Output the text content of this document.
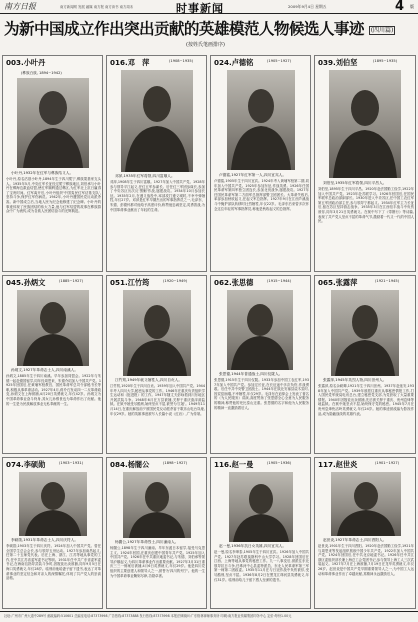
南方日报	南方新闻网 发展 融媒 南方报 南方读书 南方周末	时事新闻	2009年9月4日 星期五	4 版
为新中国成立作出突出贡献的英雄模范人物候选人事迹 (四川篇)
(按姓氏笔画排序)
003.小叶丹
(彝族白族, 1894~1942)
小叶丹,1932年在红军与彝族结义人。
小叶丹,原名沽基小叶丹,1894年生于四川冕宁,彝族果基家支头人。1935年5月,中央红军长征经过冕宁彝族地区,刘伯承与小叶丹在彝海边歃血结盟,使红军顺利通过彝区,为红军北上抗日赢得了宝贵时间。红军离开后,小叶丹组织'中国夷民红军沽基支队',坚持斗争,保护红军伤病员。1942年,小叶丹遭国民党反动派杀害。新中国成立后,当地人民为纪念他修建了纪念碑。小叶丹的事迹体现了民族团结的伟大力量,他与红军结盟的故事在彝族群众中广为流传,成为各族人民团结奋斗的光辉典范。
016.邓　萍	(1908~1935)
邓萍,1935年红军将领,四川富顺人。
邓萍,1908年生于四川富顺。1927年加入中国共产党。1928年参与领导平江起义,任红五军参谋长。后任红三军团参谋长,参加了中央苏区历次反'围剿'作战,屡建战功。1934年10月参加长征。1935年2月,在遵义战役中,率部攻打遵义城时,不幸中弹牺牲,年仅27岁。邓萍是红军早期杰出的军事指挥员之一,毛泽东、朱德、彭德怀都对他给予高度评价,称赞他忠诚坚定,英勇善战,为中国革命事业献出了年轻的生命。
024.卢德铭	(1905~1927)
卢德铭,1927年红军第一人,四川宜宾人。
卢德铭,1905年生于四川宜宾。1924年考入黄埔军校第二期,同年加入中国共产党。1925年参加东征,作战英勇。1926年任国民革命军第四军独立团连长,参加北伐战争,屡建战功。1927年任国民革命军第二方面军总指挥部警卫团团长。大革命失败后,率部参加秋收起义,任起义军总指挥。1927年9月在江西芦溪战斗中掩护部队转移时壮烈牺牲,年仅22岁。毛泽东后来曾多次怀念这位年轻的军事指挥员,称他是秋收起义的总指挥。
039.刘伯坚	(1895~1935)
刘伯坚,1935年红军将领,四川平昌人。
刘伯坚,1895年生于四川平昌。1920年赴法国勤工俭学,1922年加入中国共产党。1923年赴苏联学习。1926年回国后,任国民军联军总政治部副部长。1930年进入中央苏区,任中国工农红军第五军团政治部主任,参与领导宁都起义。1934年红军主力长征后,留在苏区坚持游击战争。1935年3月在江西信丰战斗中负伤被俘,同年3月21日英勇就义。在狱中写下了《带镣行》等诗篇,表现了共产党人坚贞不屈的革命气节,激励着一代又一代的中国人民。
045.孙炳文	(1885~1927)
孙炳文,1927年革命志士人,四川南溪人。
孙炳文,1885年生于四川南溪。早年参加同盟会。1922年与朱德一起赴德国留学,同年经周恩来、朱德介绍加入中国共产党。1925年回国后,任黄埔军校教官、国民革命军总司令部秘书长等职,积极从事革命活动。1927年4月,蒋介石发动四一二反革命政变,孙炳文在上海被捕,4月20日英勇就义,年仅42岁。孙炳文为中国革命事业奋斗终身,其女儿孙维世也为革命作出了贡献。他的一生是为民族解放事业无私奉献的一生。
051.江竹筠	(1920~1949)
江竹筠,1949年就义牺牲人,四川自贡人。
江竹筠,1920年生于四川自贡。1939年加入中国共产党。1944年考入四川大学,秘密从事党的工作。1946年在重庆负责组织学生运动和《挺进报》的工作。1947年随丈夫彭咏梧到川东地区开展武装斗争。1948年6月在万县被捕,关押于重庆渣滓洞监狱。在狱中她受尽酷刑,始终坚贞不屈,被誉为'江姐'。1949年11月14日,在重庆解放前夕被国民党反动派杀害于歌乐山电台岚垭,年仅29岁。她的英雄事迹被写入长篇小说《红岩》,广为传颂。
062.张思德	(1915~1944)
张思德,1944年普通战士,四川仪陇人。
张思德,1915年生于四川仪陇。1933年参加中国工农红军,1937年加入中国共产党。参加过长征,在长征途中多次负伤,作战勇敢。后任中共中央警卫团战士。1944年在陕北安塞县烧木炭时,因炭窑崩塌,不幸牺牲,年仅29岁。毛泽东在追悼会上发表了著名的《为人民服务》讲演,高度赞扬了张思德全心全意为人民服务的精神,称赞他的死比泰山还重。张思德的名字和他为人民服务的精神一直激励着后人。
065.张露萍	(1921~1945)
张露萍,1945年英烈人物,四川崇州人。
张露萍,原名余硕卿,1921年生于四川崇州。1937年赴延安,1938年加入中国共产党。1939年被派往重庆从事秘密情报工作,打入国民党军统局电讯总台,建立秘密党支部,为党获取了大量重要情报。1940年因叛徒出卖被捕,先后被关押于重庆、贵州息烽等地监狱。在狱中她坚贞不屈,始终保守党的秘密。1945年7月在贵州息烽快活岭英勇就义,年仅24岁。她的事迹被改编为影视作品,成为隐蔽战线的英雄代表。
074.李硕勋	(1903~1931)
李硕勋,1931年革命志士人,四川庆符人。
李硕勋,1903年生于四川庆符。1924年加入中国共产党。曾任全国学生总会会长,参与领导五卅运动。1927年参加南昌起义,任第二十五师党代表。后在上海、浙江、江苏等地从事党的工作,任中共江苏省委军委书记等职。1931年任中共广东省委军委书记,在海南岛指导武装斗争时,因叛徒出卖被捕,同年9月5日在海口英勇就义,年仅28岁。临刑前他给妻子留下遗书,表达了对革命事业的坚定信念和对亲人的深情嘱托,体现了共产党人的崇高品格。
084.杨闇公	(1898~1927)
杨闇公,1927年革命烈士,四川潼南人。
杨闇公,1898年生于四川潼南。早年东渡日本留学,接受马克思主义。1924年回国,在重庆创建中国青年共产党。1925年加入中国共产党。1926年任中共重庆地委书记,与朱德、刘伯承等领导泸顺起义,为四川革命事业作出重要贡献。1927年3月31日重庆三三一惨案后被捕,4月6日英勇就义,年仅29岁。他是四川党组织的主要创建人和领导人之一,被誉为'四川的列宁'。他的一生为中国革命事业鞠躬尽瘁,功勋卓著。
116.赵一曼	(1905~1936)
赵一曼,1936年抗日女英雄,四川宜宾人。
赵一曼,原名李坤泰,1905年生于四川宜宾。1926年加入中国共产党。1927年赴苏联莫斯科中山大学学习。1928年回国后在江西、上海等地从事党的秘密工作。九一八事变后,被派往东北领导抗日斗争,任珠河中心县委特派员、东北人民革命军第三军第一师第二团政委。1935年11月在与日寇作战中负伤被俘,受尽酷刑,坚贞不屈。1936年8月2日在黑龙江珠河县英勇就义,年仅31岁。临刑前给儿子留下感人至深的遗书。
117.赵世炎	(1901~1927)
赵世炎,1927年革命志士,四川酉阳人。
赵世炎,1901年生于四川酉阳。1920年赴法国勤工俭学,1921年与周恩来等发起组织旅欧中国少年共产党。1922年加入中国共产党。1924年回国后,任中共北京地委书记。1926年任中共江浙区委组织部长兼上海总工会党团书记,参与领导上海工人三次武装起义。1927年7月在上海被捕,7月19日在龙华英勇就义,年仅26岁。赵世炎是中国共产党早期重要领导人之一,为中国工人运动和革命事业作出了卓越贡献,其精神永远激励后人。
社址:广州市广州大道中289号 邮政编码:510601 总编室电话:87373998 广告热线:87373888 发行热线:87373998 本报法律顾问:广东格林律师事务所 印刷:南方报业传媒集团印务中心 定价:每份1.00元
